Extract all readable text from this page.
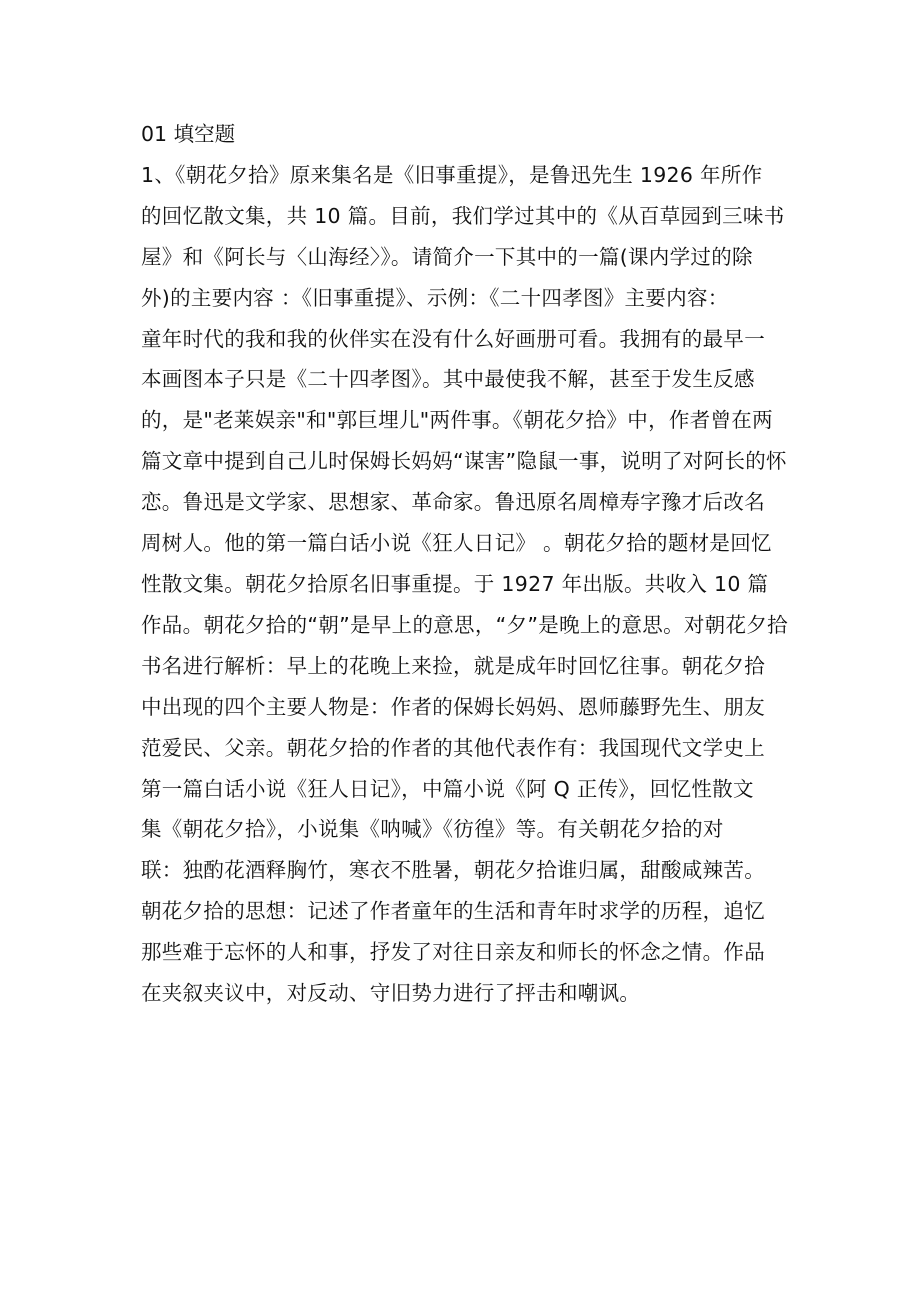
01 填空题

1、《朝花夕拾》原来集名是《旧事重提》，是鲁迅先生 1926 年所作

的回忆散文集，共 10 篇。目前，我们学过其中的《从百草园到三味书

屋》和《阿长与〈山海经〉》。请简介一下其中的一篇(课内学过的除

外)的主要内容 ：《旧事重提》、示例：《二十四孝图》主要内容：

童年时代的我和我的伙伴实在没有什么好画册可看。我拥有的最早一

本画图本子只是《二十四孝图》。其中最使我不解，甚至于发生反感

的，是"老莱娱亲"和"郭巨埋儿"两件事。《朝花夕拾》中，作者曾在两

篇文章中提到自己儿时保姆长妈妈“谋害”隐鼠一事，说明了对阿长的怀

恋。鲁迅是文学家、思想家、革命家。鲁迅原名周樟寿字豫才后改名

周树人。他的第一篇白话小说《狂人日记》 。朝花夕拾的题材是回忆

性散文集。朝花夕拾原名旧事重提。于 1927 年出版。共收入 10 篇

作品。朝花夕拾的“朝”是早上的意思，“夕”是晚上的意思。对朝花夕拾

书名进行解析：早上的花晚上来捡，就是成年时回忆往事。朝花夕拾

中出现的四个主要人物是：作者的保姆长妈妈、恩师藤野先生、朋友

范爱民、父亲。朝花夕拾的作者的其他代表作有：我国现代文学史上

第一篇白话小说《狂人日记》，中篇小说《阿 Q 正传》，回忆性散文

集《朝花夕拾》，小说集《呐喊》《彷徨》等。有关朝花夕拾的对

联：独酌花酒释胸竹，寒衣不胜暑，朝花夕拾谁归属，甜酸咸辣苦。

朝花夕拾的思想：记述了作者童年的生活和青年时求学的历程，追忆

那些难于忘怀的人和事，抒发了对往日亲友和师长的怀念之情。作品

在夹叙夹议中，对反动、守旧势力进行了抨击和嘲讽。
